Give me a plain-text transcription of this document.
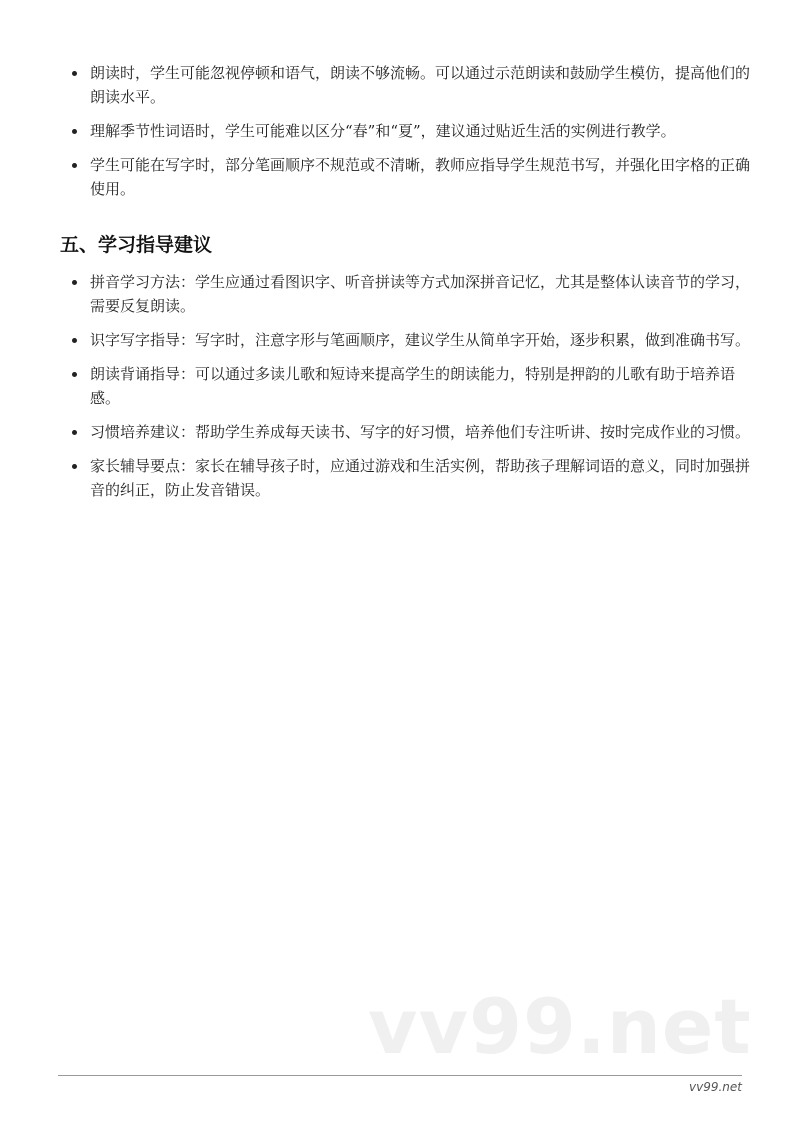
朗读时，学生可能忽视停顿和语气，朗读不够流畅。可以通过示范朗读和鼓励学生模仿，提高他们的朗读水平。
理解季节性词语时，学生可能难以区分“春”和“夏”，建议通过贴近生活的实例进行教学。
学生可能在写字时，部分笔画顺序不规范或不清晰，教师应指导学生规范书写，并强化田字格的正确使用。
五、学习指导建议
拼音学习方法：学生应通过看图识字、听音拼读等方式加深拼音记忆，尤其是整体认读音节的学习，需要反复朗读。
识字写字指导：写字时，注意字形与笔画顺序，建议学生从简单字开始，逐步积累，做到准确书写。
朗读背诵指导：可以通过多读儿歌和短诗来提高学生的朗读能力，特别是押韵的儿歌有助于培养语感。
习惯培养建议：帮助学生养成每天读书、写字的好习惯，培养他们专注听讲、按时完成作业的习惯。
家长辅导要点：家长在辅导孩子时，应通过游戏和生活实例，帮助孩子理解词语的意义，同时加强拼音的纠正，防止发音错误。
vv99.net
vv99.net
